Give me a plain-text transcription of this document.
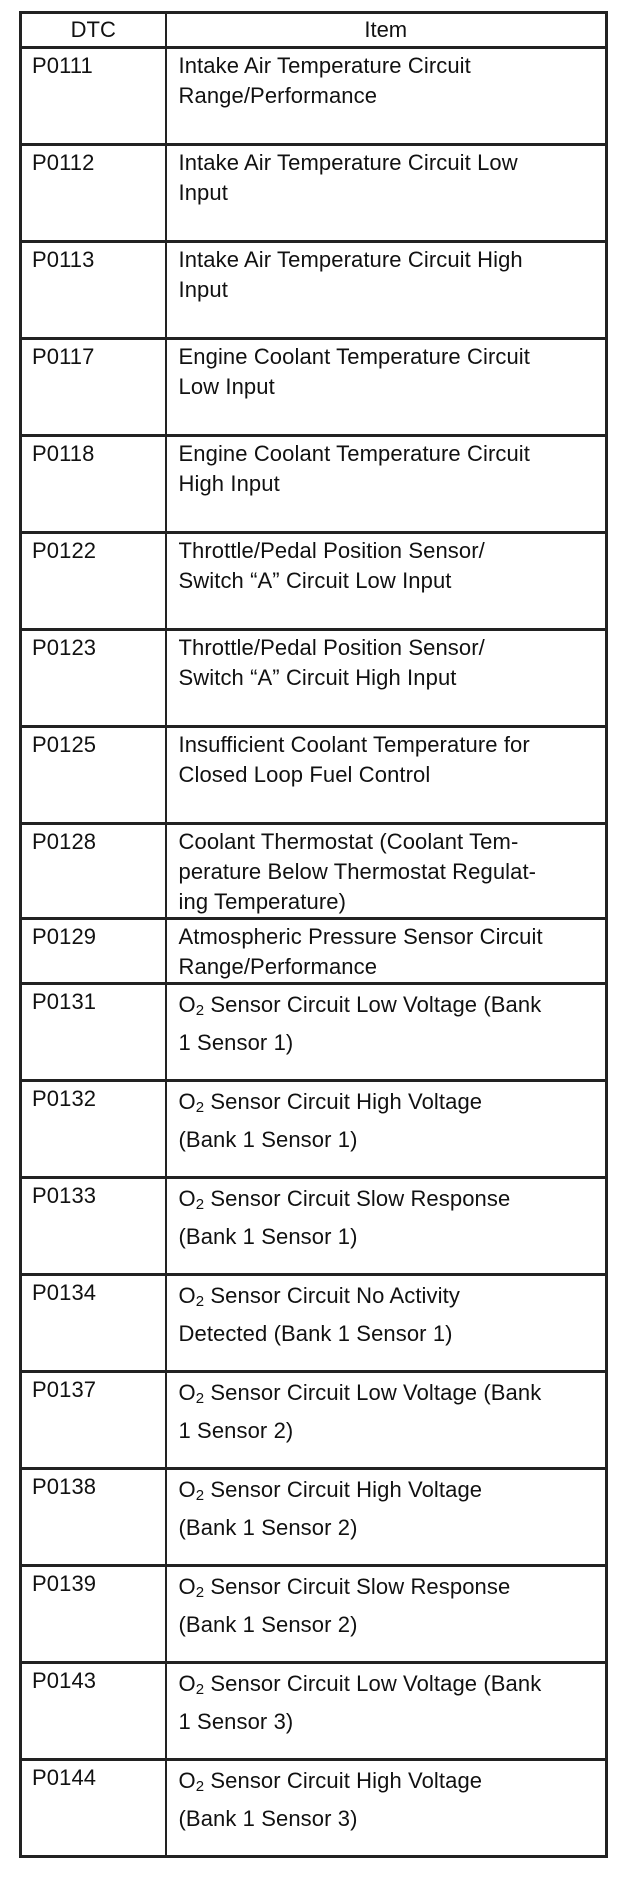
DTC	Item
P0111	Intake Air Temperature Circuit
Range/Performance

P0112	Intake Air Temperature Circuit Low
Input

P0113	Intake Air Temperature Circuit High
Input

P0117	Engine Coolant Temperature Circuit
Low Input

P0118	Engine Coolant Temperature Circuit
High Input

P0122	Throttle/Pedal Position Sensor/
Switch “A” Circuit Low Input

P0123	Throttle/Pedal Position Sensor/
Switch “A” Circuit High Input

P0125	Insufficient Coolant Temperature for
Closed Loop Fuel Control

P0128	Coolant Thermostat (Coolant Tem-
perature Below Thermostat Regulat-
ing Temperature)

P0129	Atmospheric Pressure Sensor Circuit
Range/Performance

P0131	$O_2$ Sensor Circuit Low Voltage (Bank
1 Sensor 1)

P0132	$O_2$ Sensor Circuit High Voltage
(Bank 1 Sensor 1)

P0133	$O_2$ Sensor Circuit Slow Response
(Bank 1 Sensor 1)

P0134	$O_2$ Sensor Circuit No Activity
Detected (Bank 1 Sensor 1)

P0137	$O_2$ Sensor Circuit Low Voltage (Bank
1 Sensor 2)

P0138	$O_2$ Sensor Circuit High Voltage
(Bank 1 Sensor 2)

P0139	$O_2$ Sensor Circuit Slow Response
(Bank 1 Sensor 2)

P0143	$O_2$ Sensor Circuit Low Voltage (Bank
1 Sensor 3)

P0144	$O_2$ Sensor Circuit High Voltage
(Bank 1 Sensor 3)
